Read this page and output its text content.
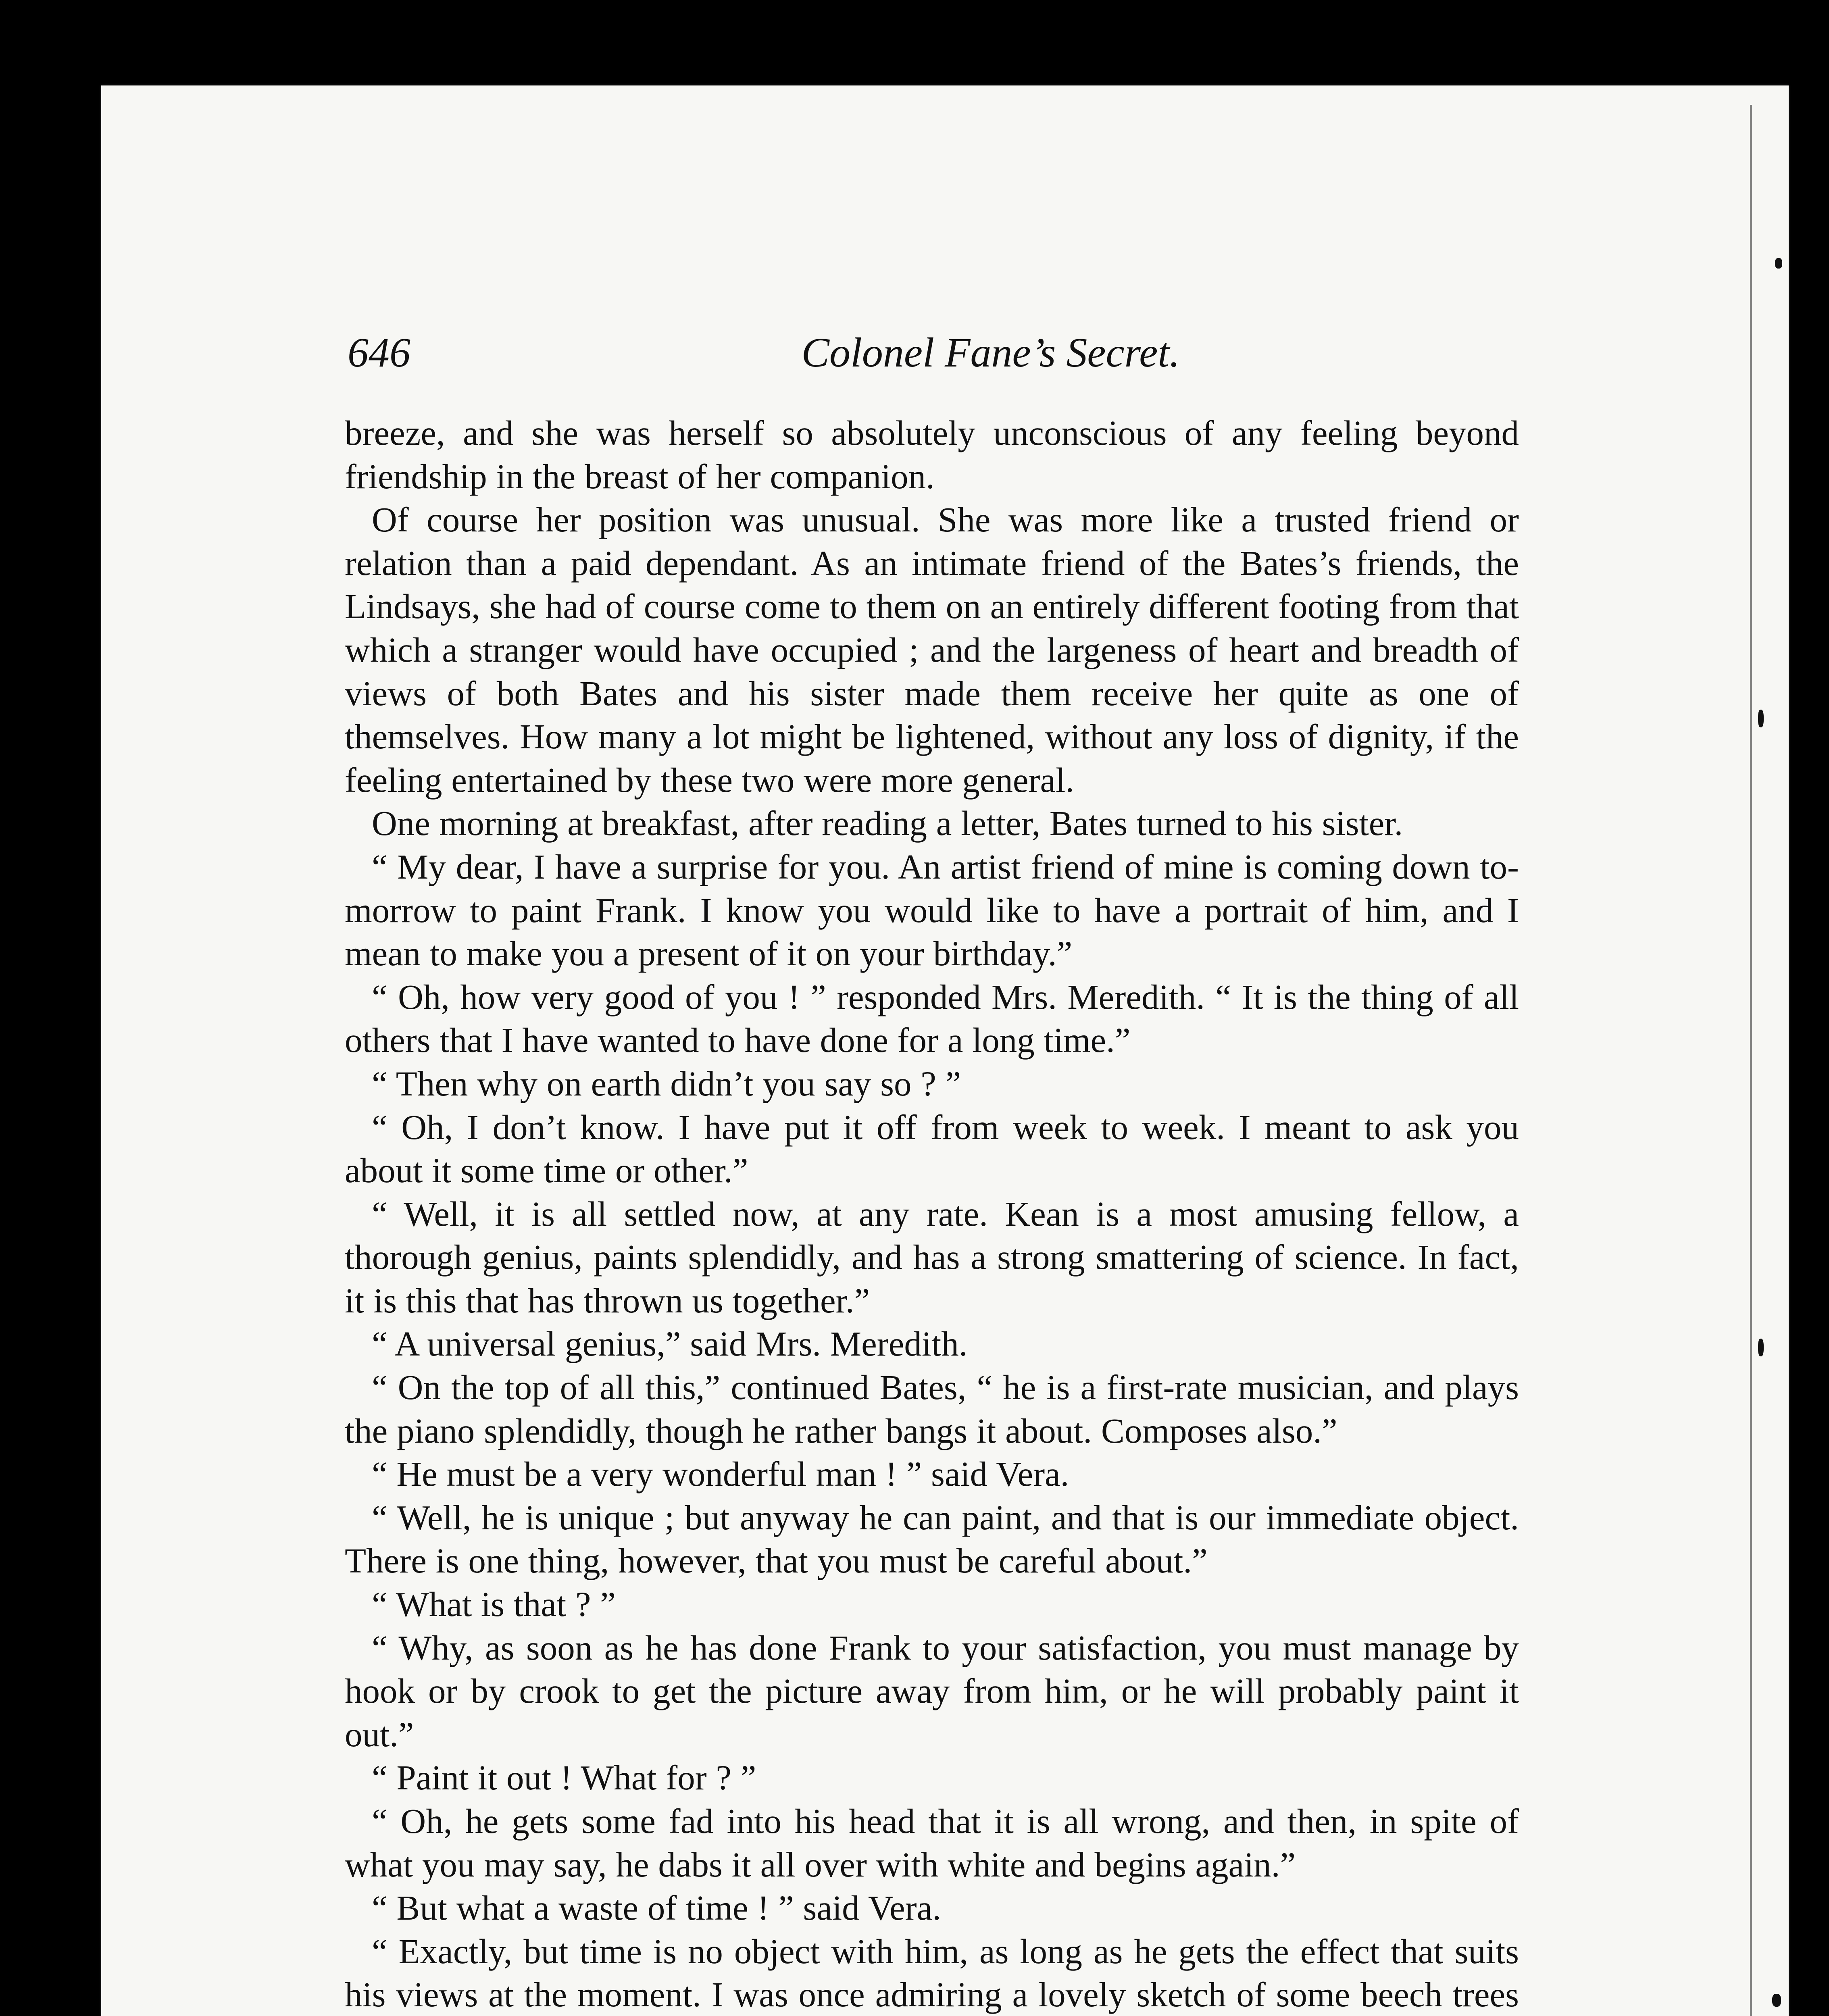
646	Colonel Fane’s Secret.

breeze, and she was herself so absolutely unconscious of any feeling beyond friendship in the breast of her companion.

Of course her position was unusual. She was more like a trusted friend or relation than a paid dependant. As an intimate friend of the Bates’s friends, the Lindsays, she had of course come to them on an entirely different footing from that which a stranger would have occupied ; and the largeness of heart and breadth of views of both Bates and his sister made them receive her quite as one of themselves. How many a lot might be lightened, without any loss of dignity, if the feeling entertained by these two were more general.

One morning at breakfast, after reading a letter, Bates turned to his sister.

“ My dear, I have a surprise for you. An artist friend of mine is coming down to-morrow to paint Frank. I know you would like to have a portrait of him, and I mean to make you a present of it on your birthday.”

“ Oh, how very good of you ! ” responded Mrs. Meredith. “ It is the thing of all others that I have wanted to have done for a long time.”

“ Then why on earth didn’t you say so ? ”

“ Oh, I don’t know. I have put it off from week to week. I meant to ask you about it some time or other.”

“ Well, it is all settled now, at any rate. Kean is a most amusing fellow, a thorough genius, paints splendidly, and has a strong smattering of science. In fact, it is this that has thrown us together.”

“ A universal genius,” said Mrs. Meredith.

“ On the top of all this,” continued Bates, “ he is a first-rate musician, and plays the piano splendidly, though he rather bangs it about. Composes also.”

“ He must be a very wonderful man ! ” said Vera.

“ Well, he is unique ; but anyway he can paint, and that is our immediate object. There is one thing, however, that you must be careful about.”

“ What is that ? ”

“ Why, as soon as he has done Frank to your satisfaction, you must manage by hook or by crook to get the picture away from him, or he will probably paint it out.”

“ Paint it out ! What for ? ”

“ Oh, he gets some fad into his head that it is all wrong, and then, in spite of what you may say, he dabs it all over with white and begins again.”

“ But what a waste of time ! ” said Vera.

“ Exactly, but time is no object with him, as long as he gets the effect that suits his views at the moment. I was once admiring a lovely sketch of some beech trees
